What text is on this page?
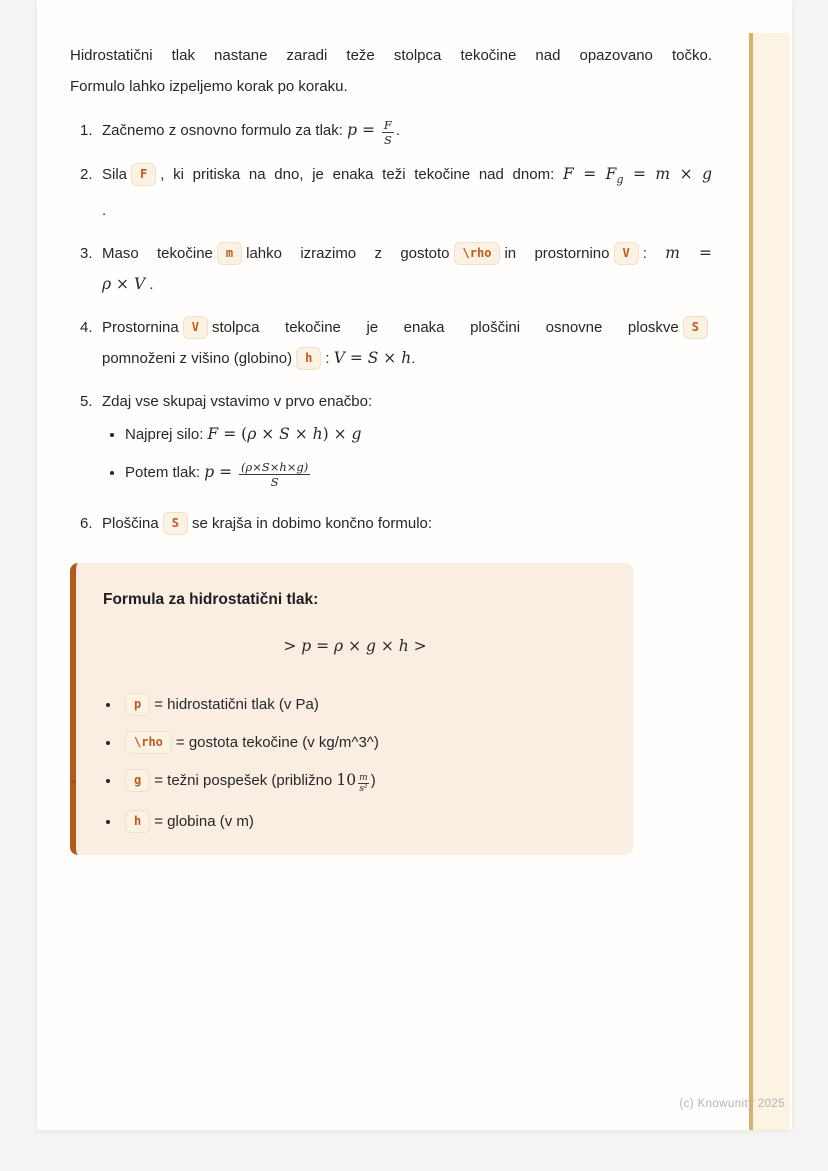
Hidrostatični tlak nastane zaradi teže stolpca tekočine nad opazovano točko.
Formulo lahko izpeljemo korak po koraku.
1. Začnemo z osnovno formulo za tlak: $p = \frac{F}{S}$ .
2. Sila F , ki pritiska na dno, je enaka teži tekočine nad dnom: $F = F_g = m \times g$
.
3. Maso tekočine m lahko izrazimo z gostoto \rho in prostornino V : m =
ρ × V .
4. Prostornina V stolpca tekočine je enaka ploščini osnovne ploskve S
pomnoženi z višino (globino) h : V = S × h.
5. Zdaj vse skupaj vstavimo v prvo enačbo:
• Najprej silo: F = (ρ × S × h) × g
• Potem tlak: $p = \frac{(\rho\times S\times h\times g)}{S}$
6. Ploščina S se krajša in dobimo končno formulo:
Formula za hidrostatični tlak:
> p = ρ × g × h >
• p = hidrostatični tlak (v Pa)
• \rho = gostota tekočine (v kg/m^3^)
• g = težni pospešek (približno $10 \frac{m}{\text{s²}}$ )
• h = globina (v m)
`
(c) Knowunity 2025
